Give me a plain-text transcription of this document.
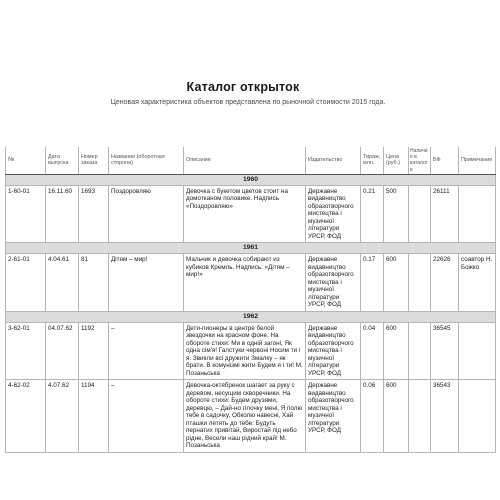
Каталог открыток

Ценовая характеристика объектов представлена по рыночной стоимости 2015 года.

№	Дата выпуска	Номер заказа	Название (оборотная сторона)	Описание	Издательство	Тираж, млн.	Цена (руб.)	Наличие в каталоге	БФ	Примечание
1960										
1-60-01	16.11.60	1693	Поздоровляю	Девочка с букетом цветов стоит на домотканом половике. Надпись «Поздоровляю»	Державне видавництво образотворчого мистецтва і музичної літератури УРСР, ФОД	0.21	500		26111	
1961										
2-61-01	4.04.61	81	Дітям – мир!	Мальчик и девочка собирают из кубиков Кремль. Надпись: «Дітям – мир!»	Державне видавництво образотворчого мистецтва і музичної літератури УРСР, ФОД	0.17	600		22626	соавтор Н. Божко
1962										
3-62-01	04.07.62	1192	–	Дети-пионеры в центре белой звездочки на красном фоне. На обороте стихи: Ми в одній загоні, Як одна сім'я! Галстуки червоні Носим ти і я. Звикли всі дружити Змалку – як брати. В комунізмі жити Будем я і ти! М. Позаньська	Державне видавництво образотворчого мистецтва і музичної літератури УРСР, ФОД	0.04	600		36545	
4-62-02	4.07.62	1194	–	Девочка-октябренок шагает за руку с деревом, несущим скворечники. На обороте стихи: Будем друзями, деревцю, – Дай-но гілочку мені, Я полю тебе в садочку, Обколю навесні, Хай пташки летять до тебе: Будуть пернатих привітай, Виростай під небо рідне, Весели наш рідний край! М. Позаньська	Державне видавництво образотворчого мистецтва і музичної літератури УРСР, ФОД	0.06	600		36543	
